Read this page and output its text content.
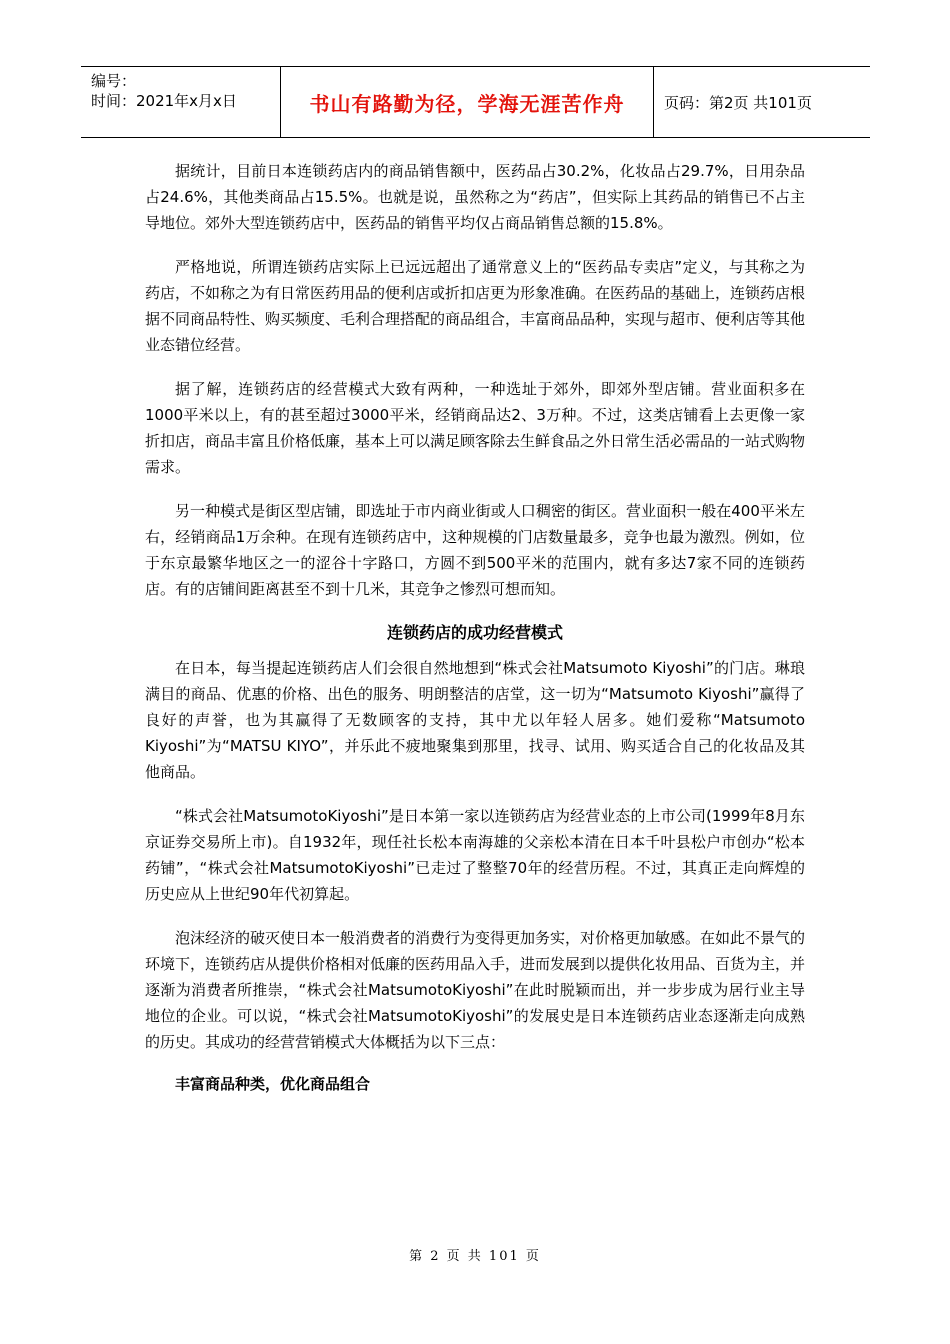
编号：
时间：2021年x月x日	书山有路勤为径，学海无涯苦作舟	页码：第2页 共101页

据统计，目前日本连锁药店内的商品销售额中，医药品占30.2%，化妆品占29.7%，日用杂品占24.6%，其他类商品占15.5%。也就是说，虽然称之为“药店”，但实际上其药品的销售已不占主导地位。郊外大型连锁药店中，医药品的销售平均仅占商品销售总额的15.8%。

严格地说，所谓连锁药店实际上已远远超出了通常意义上的“医药品专卖店”定义，与其称之为药店，不如称之为有日常医药用品的便利店或折扣店更为形象准确。在医药品的基础上，连锁药店根据不同商品特性、购买频度、毛利合理搭配的商品组合，丰富商品品种，实现与超市、便利店等其他业态错位经营。

据了解，连锁药店的经营模式大致有两种，一种选址于郊外，即郊外型店铺。营业面积多在1000平米以上，有的甚至超过3000平米，经销商品达2、3万种。不过，这类店铺看上去更像一家折扣店，商品丰富且价格低廉，基本上可以满足顾客除去生鲜食品之外日常生活必需品的一站式购物需求。

另一种模式是街区型店铺，即选址于市内商业街或人口稠密的街区。营业面积一般在400平米左右，经销商品1万余种。在现有连锁药店中，这种规模的门店数量最多，竞争也最为激烈。例如，位于东京最繁华地区之一的涩谷十字路口，方圆不到500平米的范围内，就有多达7家不同的连锁药店。有的店铺间距离甚至不到十几米，其竞争之惨烈可想而知。

连锁药店的成功经营模式

在日本，每当提起连锁药店人们会很自然地想到“株式会社Matsumoto Kiyoshi”的门店。琳琅满目的商品、优惠的价格、出色的服务、明朗整洁的店堂，这一切为“Matsumoto Kiyoshi”赢得了良好的声誉，也为其赢得了无数顾客的支持，其中尤以年轻人居多。她们爱称“Matsumoto Kiyoshi”为“MATSU KIYO”，并乐此不疲地聚集到那里，找寻、试用、购买适合自己的化妆品及其他商品。

“株式会社MatsumotoKiyoshi”是日本第一家以连锁药店为经营业态的上市公司(1999年8月东京证券交易所上市)。自1932年，现任社长松本南海雄的父亲松本清在日本千叶县松户市创办“松本药铺”，“株式会社MatsumotoKiyoshi”已走过了整整70年的经营历程。不过，其真正走向辉煌的历史应从上世纪90年代初算起。

泡沫经济的破灭使日本一般消费者的消费行为变得更加务实，对价格更加敏感。在如此不景气的环境下，连锁药店从提供价格相对低廉的医药用品入手，进而发展到以提供化妆用品、百货为主，并逐渐为消费者所推崇，“株式会社MatsumotoKiyoshi”在此时脱颖而出，并一步步成为居行业主导地位的企业。可以说，“株式会社MatsumotoKiyoshi”的发展史是日本连锁药店业态逐渐走向成熟的历史。其成功的经营营销模式大体概括为以下三点：

丰富商品种类，优化商品组合
第 2 页 共 101 页
